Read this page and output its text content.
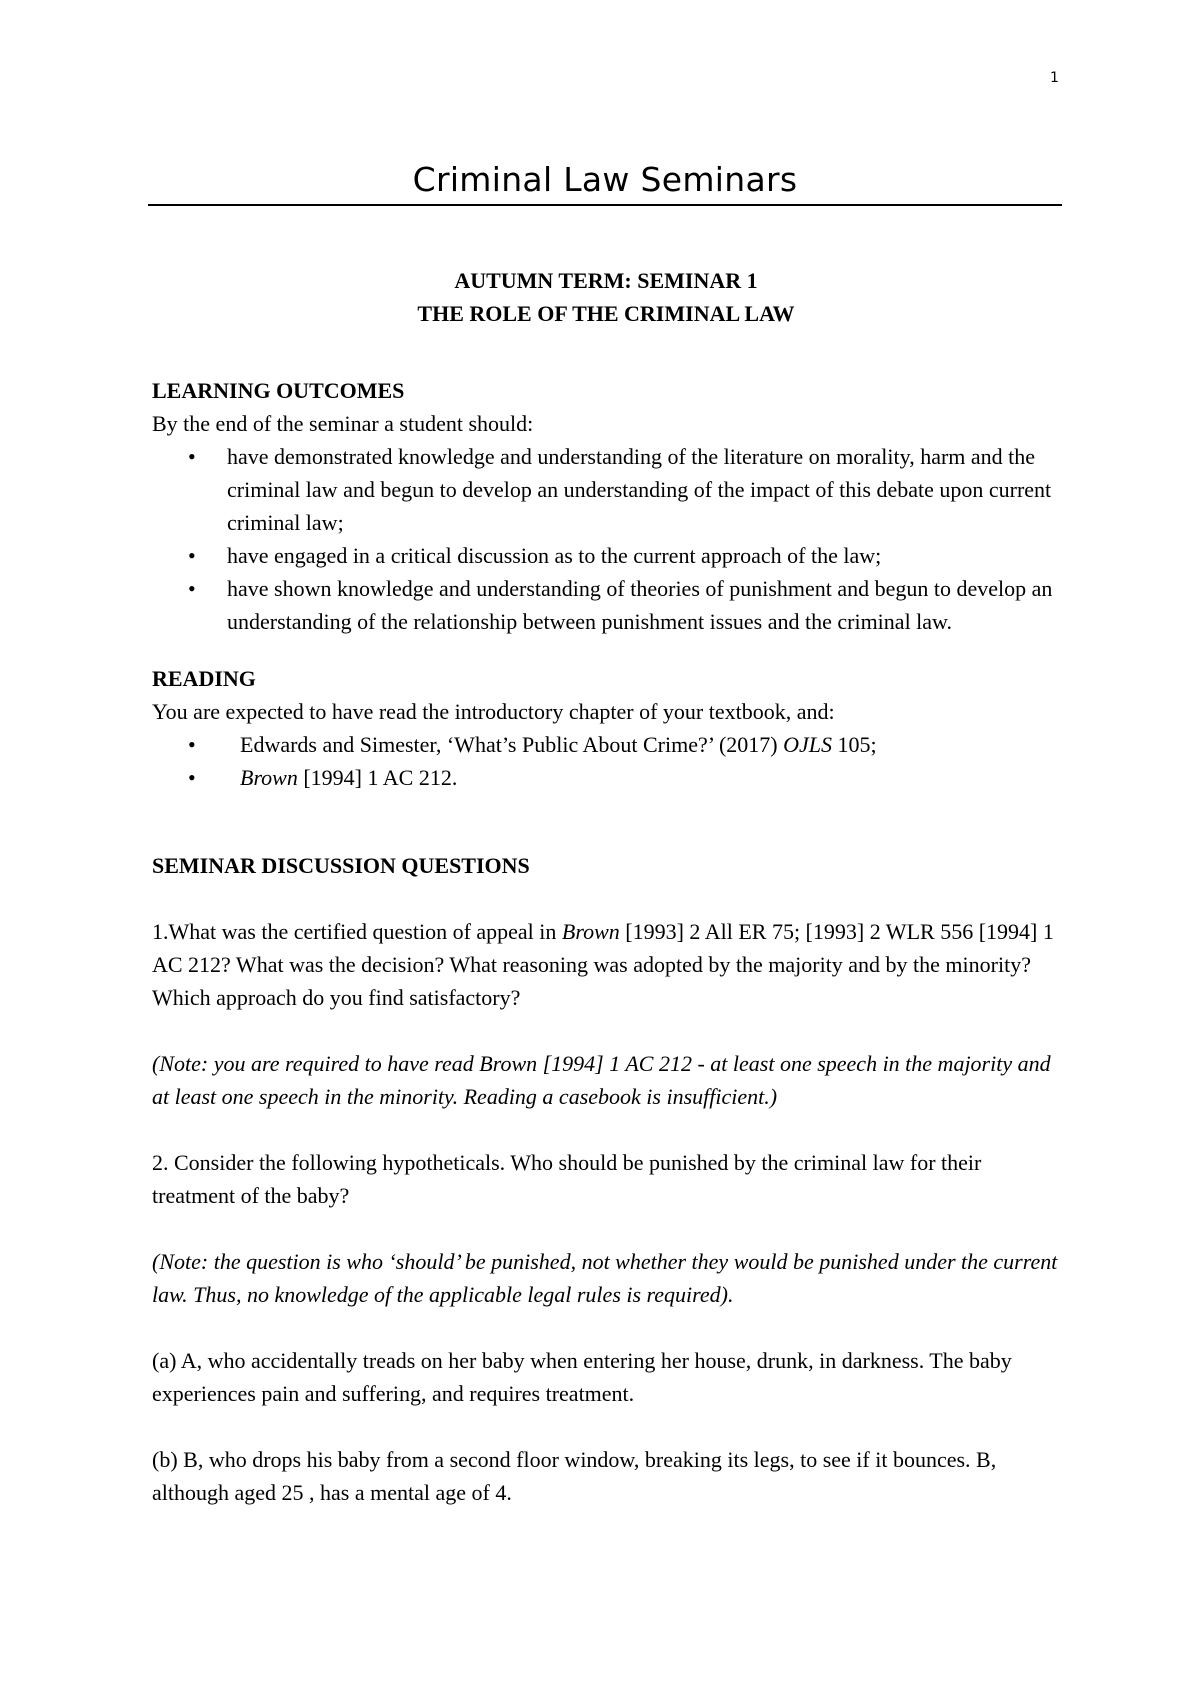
1
Criminal Law Seminars

AUTUMN TERM: SEMINAR 1

THE ROLE OF THE CRIMINAL LAW

LEARNING OUTCOMES

By the end of the seminar a student should:

• have demonstrated knowledge and understanding of the literature on morality, harm and the criminal law and begun to develop an understanding of the impact of this debate upon current criminal law;
• have engaged in a critical discussion as to the current approach of the law;
• have shown knowledge and understanding of theories of punishment and begun to develop an understanding of the relationship between punishment issues and the criminal law.

READING

You are expected to have read the introductory chapter of your textbook, and:

• Edwards and Simester, ‘What’s Public About Crime?’ (2017) OJLS 105;
• Brown [1994] 1 AC 212.

SEMINAR DISCUSSION QUESTIONS

1.What was the certified question of appeal in Brown [1993] 2 All ER 75; [1993] 2 WLR 556 [1994] 1 AC 212? What was the decision? What reasoning was adopted by the majority and by the minority? Which approach do you find satisfactory?

(Note: you are required to have read Brown [1994] 1 AC 212 - at least one speech in the majority and at least one speech in the minority. Reading a casebook is insufficient.)

2. Consider the following hypotheticals. Who should be punished by the criminal law for their treatment of the baby?

(Note: the question is who ‘should’ be punished, not whether they would be punished under the current law. Thus, no knowledge of the applicable legal rules is required).

(a) A, who accidentally treads on her baby when entering her house, drunk, in darkness. The baby experiences pain and suffering, and requires treatment.

(b) B, who drops his baby from a second floor window, breaking its legs, to see if it bounces. B, although aged 25 , has a mental age of 4.
